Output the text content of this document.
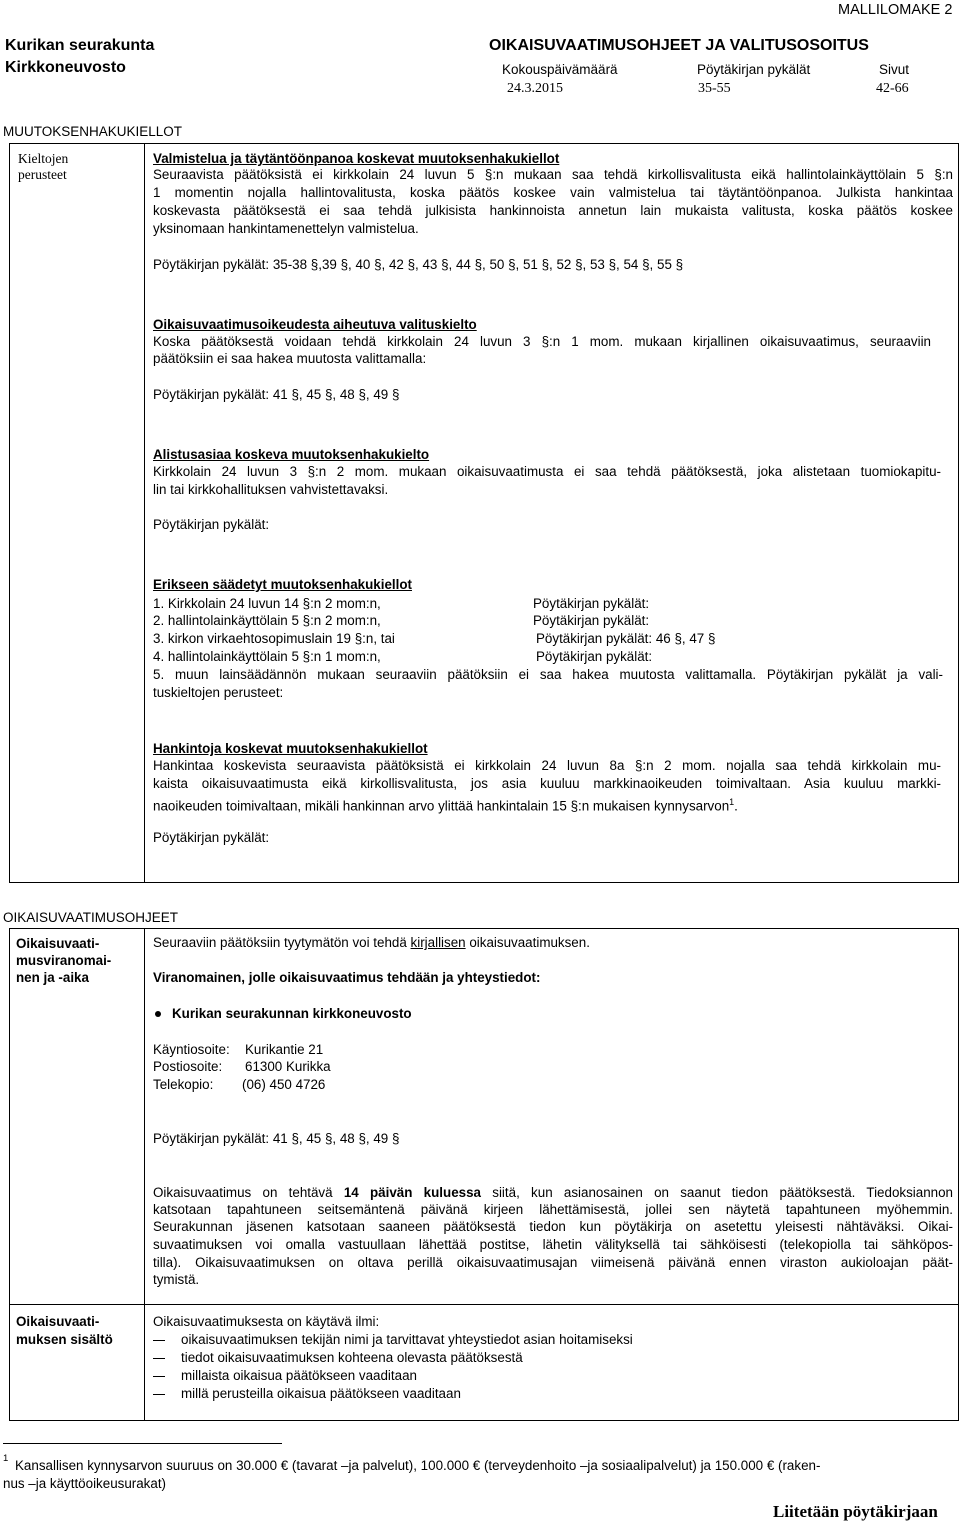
MALLILOMAKE 2
Kurikan seurakunta
Kirkkoneuvosto
OIKAISUVAATIMUSOHJEET JA VALITUSOSOITUS
Kokouspäivämäärä	Pöytäkirjan pykälät	Sivut
24.3.2015	35-55	42-66
MUUTOKSENHAKUKIELLOT
Kieltojen
perusteet
Valmistelua ja täytäntöönpanoa koskevat muutoksenhakukiellot
Seuraavista päätöksistä ei kirkkolain 24 luvun 5 §:n mukaan saa tehdä kirkollisvalitusta eikä hallintolainkäyttölain 5 §:n
1 momentin nojalla hallintovalitusta, koska päätös koskee vain valmistelua tai täytäntöönpanoa. Julkista hankintaa
koskevasta päätöksestä ei saa tehdä julkisista hankinnoista annetun lain mukaista valitusta, koska päätös koskee
yksinomaan hankintamenettelyn valmistelua.
Pöytäkirjan pykälät: 35-38 §,39 §, 40 §, 42 §, 43 §, 44 §, 50 §, 51 §, 52 §, 53 §, 54 §, 55 §
Oikaisuvaatimusoikeudesta aiheutuva valituskielto
Koska päätöksestä voidaan tehdä kirkkolain 24 luvun 3 §:n 1 mom. mukaan kirjallinen oikaisuvaatimus, seuraaviin
päätöksiin ei saa hakea muutosta valittamalla:
Pöytäkirjan pykälät: 41 §, 45 §, 48 §, 49 §
Alistusasiaa koskeva muutoksenhakukielto
Kirkkolain 24 luvun 3 §:n 2 mom. mukaan oikaisuvaatimusta ei saa tehdä päätöksestä, joka alistetaan tuomiokapitu-
lin tai kirkkohallituksen vahvistettavaksi.
Pöytäkirjan pykälät:
Erikseen säädetyt muutoksenhakukiellot
1. Kirkkolain 24 luvun 14 §:n 2 mom:n,	Pöytäkirjan pykälät:
2. hallintolainkäyttölain 5 §:n 2 mom:n,	Pöytäkirjan pykälät:
3. kirkon virkaehtosopimuslain 19 §:n, tai	Pöytäkirjan pykälät: 46 §, 47 §
4. hallintolainkäyttölain 5 §:n 1 mom:n,	Pöytäkirjan pykälät:
5. muun lainsäädännön mukaan seuraaviin päätöksiin ei saa hakea muutosta valittamalla. Pöytäkirjan pykälät ja vali-
tuskieltojen perusteet:
Hankintoja koskevat muutoksenhakukiellot
Hankintaa koskevista seuraavista päätöksistä ei kirkkolain 24 luvun 8a §:n 2 mom. nojalla saa tehdä kirkkolain mu-
kaista oikaisuvaatimusta eikä kirkollisvalitusta, jos asia kuuluu markkinaoikeuden toimivaltaan. Asia kuuluu markki-
naoikeuden toimivaltaan, mikäli hankinnan arvo ylittää hankintalain 15 §:n mukaisen kynnysarvon$^1$.
Pöytäkirjan pykälät:
OIKAISUVAATIMUSOHJEET
Oikaisuvaati-
musviranomai-
nen ja -aika
Seuraaviin päätöksiin tyytymätön voi tehdä kirjallisen oikaisuvaatimuksen.
Viranomainen, jolle oikaisuvaatimus tehdään ja yhteystiedot:
Kurikan seurakunnan kirkkoneuvosto
Käyntiosoite: Kurikantie 21
Postiosoite: 61300 Kurikka
Telekopio: (06) 450 4726
Pöytäkirjan pykälät: 41 §, 45 §, 48 §, 49 §
Oikaisuvaatimus on tehtävä 14 päivän kuluessa siitä, kun asianosainen on saanut tiedon päätöksestä. Tiedoksiannon
katsotaan tapahtuneen seitsemäntenä päivänä kirjeen lähettämisestä, jollei sen näytetä tapahtuneen myöhemmin.
Seurakunnan jäsenen katsotaan saaneen päätöksestä tiedon kun pöytäkirja on asetettu yleisesti nähtäväksi. Oikai-
suvaatimuksen voi omalla vastuullaan lähettää postitse, lähetin välityksellä tai sähköisesti (telekopiolla tai sähköpos-
tilla). Oikaisuvaatimuksen on oltava perillä oikaisuvaatimusajan viimeisenä päivänä ennen viraston aukioloajan päät-
tymistä.
Oikaisuvaati-
muksen sisältö
Oikaisuvaatimuksesta on käytävä ilmi:
oikaisuvaatimuksen tekijän nimi ja tarvittavat yhteystiedot asian hoitamiseksi
tiedot oikaisuvaatimuksen kohteena olevasta päätöksestä
millaista oikaisua päätökseen vaaditaan
millä perusteilla oikaisua päätökseen vaaditaan
1 Kansallisen kynnysarvon suuruus on 30.000 € (tavarat –ja palvelut), 100.000 € (terveydenhoito –ja sosiaalipalvelut) ja 150.000 € (raken-
nus –ja käyttöoikeusurakat)
Liitetään pöytäkirjaan
